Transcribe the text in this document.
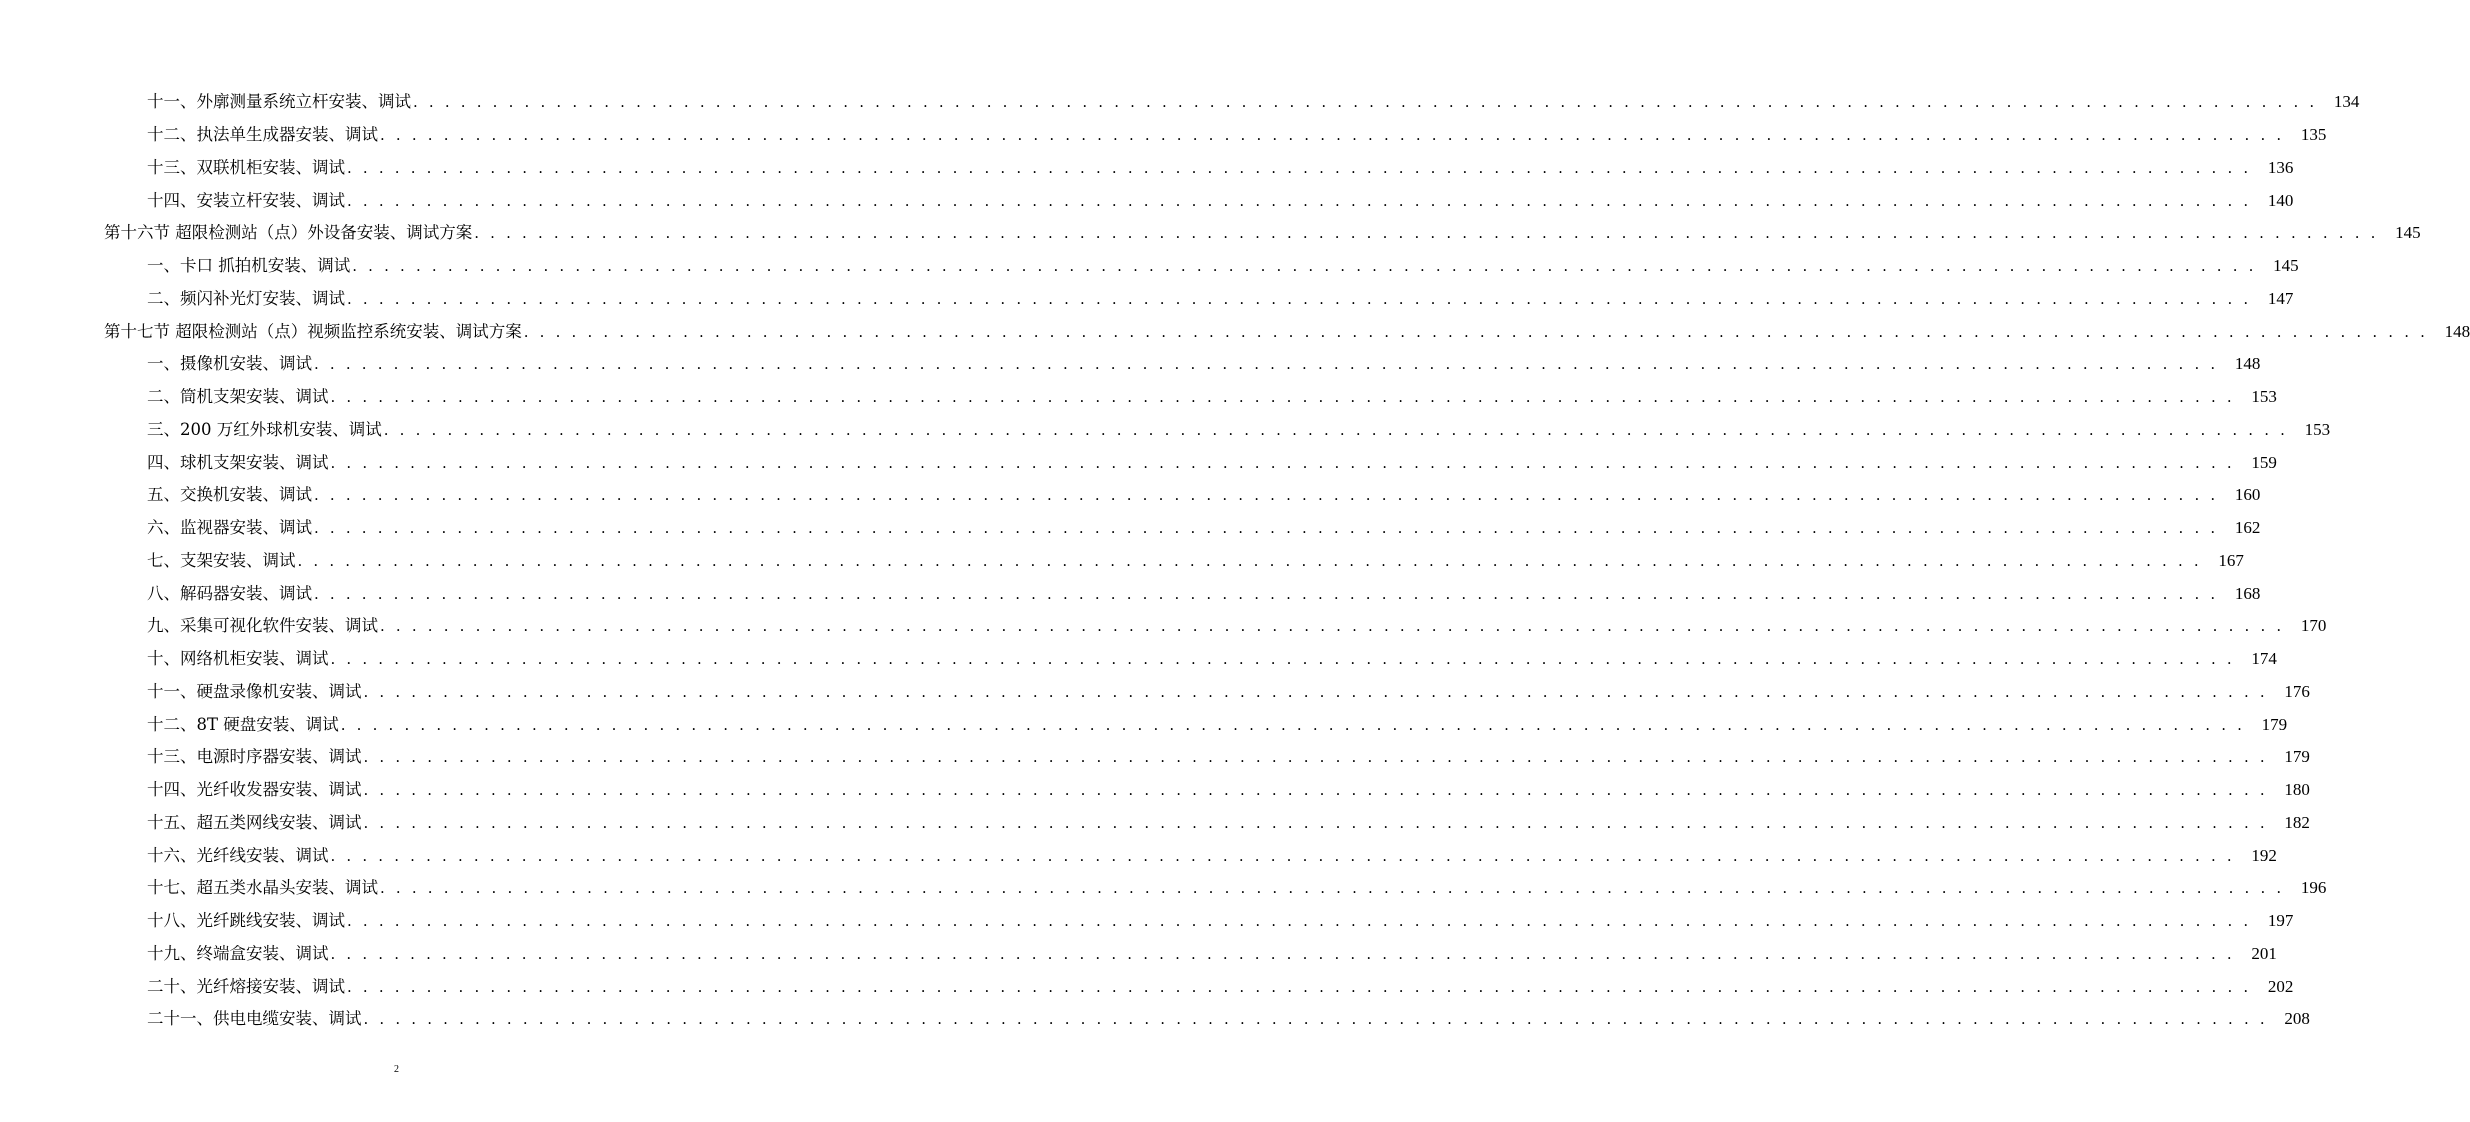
十一、外廓测量系统立杆安装、调试 . . . . . . . . . . . . . . . . . . . . . . . . . . . . . . . . . . . . . . . . . . . . . . . . . . . . . . . . . . . . . . . . . . . . . . . . . . . . . . . . . . . . . . . . . . . . . . . . . . . . . . . . . . . . . . . . . . . . . . . . 134
十二、执法单生成器安装、调试 . . . . . . . . . . . . . . . . . . . . . . . . . . . . . . . . . . . . . . . . . . . . . . . . . . . . . . . . . . . . . . . . . . . . . . . . . . . . . . . . . . . . . . . . . . . . . . . . . . . . . . . . . . . . . . . . . . . . . . . . 135
十三、双联机柜安装、调试 . . . . . . . . . . . . . . . . . . . . . . . . . . . . . . . . . . . . . . . . . . . . . . . . . . . . . . . . . . . . . . . . . . . . . . . . . . . . . . . . . . . . . . . . . . . . . . . . . . . . . . . . . . . . . . . . . . . . . . . . 136
十四、安装立杆安装、调试 . . . . . . . . . . . . . . . . . . . . . . . . . . . . . . . . . . . . . . . . . . . . . . . . . . . . . . . . . . . . . . . . . . . . . . . . . . . . . . . . . . . . . . . . . . . . . . . . . . . . . . . . . . . . . . . . . . . . . . . . 140
第十六节 超限检测站（点）外设备安装、调试方案 . . . . . . . . . . . . . . . . . . . . . . . . . . . . . . . . . . . . . . . . . . . . . . . . . . . . . . . . . . . . . . . . . . . . . . . . . . . . . . . . . . . . . . . . . . . . . . . . . . . . . . . . . . . . . . . . . . . . . . . . 145
一、卡口 抓拍机安装、调试 . . . . . . . . . . . . . . . . . . . . . . . . . . . . . . . . . . . . . . . . . . . . . . . . . . . . . . . . . . . . . . . . . . . . . . . . . . . . . . . . . . . . . . . . . . . . . . . . . . . . . . . . . . . . . . . . . . . . . . . . 145
二、频闪补光灯安装、调试 . . . . . . . . . . . . . . . . . . . . . . . . . . . . . . . . . . . . . . . . . . . . . . . . . . . . . . . . . . . . . . . . . . . . . . . . . . . . . . . . . . . . . . . . . . . . . . . . . . . . . . . . . . . . . . . . . . . . . . . . 147
第十七节 超限检测站（点）视频监控系统安装、调试方案 . . . . . . . . . . . . . . . . . . . . . . . . . . . . . . . . . . . . . . . . . . . . . . . . . . . . . . . . . . . . . . . . . . . . . . . . . . . . . . . . . . . . . . . . . . . . . . . . . . . . . . . . . . . . . . . . . . . . . . . . 148
一、摄像机安装、调试 . . . . . . . . . . . . . . . . . . . . . . . . . . . . . . . . . . . . . . . . . . . . . . . . . . . . . . . . . . . . . . . . . . . . . . . . . . . . . . . . . . . . . . . . . . . . . . . . . . . . . . . . . . . . . . . . . . . . . . . . 148
二、筒机支架安装、调试 . . . . . . . . . . . . . . . . . . . . . . . . . . . . . . . . . . . . . . . . . . . . . . . . . . . . . . . . . . . . . . . . . . . . . . . . . . . . . . . . . . . . . . . . . . . . . . . . . . . . . . . . . . . . . . . . . . . . . . . . 153
三、200 万红外球机安装、调试 . . . . . . . . . . . . . . . . . . . . . . . . . . . . . . . . . . . . . . . . . . . . . . . . . . . . . . . . . . . . . . . . . . . . . . . . . . . . . . . . . . . . . . . . . . . . . . . . . . . . . . . . . . . . . . . . . . . . . . . . 153
四、球机支架安装、调试 . . . . . . . . . . . . . . . . . . . . . . . . . . . . . . . . . . . . . . . . . . . . . . . . . . . . . . . . . . . . . . . . . . . . . . . . . . . . . . . . . . . . . . . . . . . . . . . . . . . . . . . . . . . . . . . . . . . . . . . . 159
五、交换机安装、调试 . . . . . . . . . . . . . . . . . . . . . . . . . . . . . . . . . . . . . . . . . . . . . . . . . . . . . . . . . . . . . . . . . . . . . . . . . . . . . . . . . . . . . . . . . . . . . . . . . . . . . . . . . . . . . . . . . . . . . . . . 160
六、监视器安装、调试 . . . . . . . . . . . . . . . . . . . . . . . . . . . . . . . . . . . . . . . . . . . . . . . . . . . . . . . . . . . . . . . . . . . . . . . . . . . . . . . . . . . . . . . . . . . . . . . . . . . . . . . . . . . . . . . . . . . . . . . . 162
七、支架安装、调试 . . . . . . . . . . . . . . . . . . . . . . . . . . . . . . . . . . . . . . . . . . . . . . . . . . . . . . . . . . . . . . . . . . . . . . . . . . . . . . . . . . . . . . . . . . . . . . . . . . . . . . . . . . . . . . . . . . . . . . . . 167
八、解码器安装、调试 . . . . . . . . . . . . . . . . . . . . . . . . . . . . . . . . . . . . . . . . . . . . . . . . . . . . . . . . . . . . . . . . . . . . . . . . . . . . . . . . . . . . . . . . . . . . . . . . . . . . . . . . . . . . . . . . . . . . . . . . 168
九、采集可视化软件安装、调试 . . . . . . . . . . . . . . . . . . . . . . . . . . . . . . . . . . . . . . . . . . . . . . . . . . . . . . . . . . . . . . . . . . . . . . . . . . . . . . . . . . . . . . . . . . . . . . . . . . . . . . . . . . . . . . . . . . . . . . . . 170
十、网络机柜安装、调试 . . . . . . . . . . . . . . . . . . . . . . . . . . . . . . . . . . . . . . . . . . . . . . . . . . . . . . . . . . . . . . . . . . . . . . . . . . . . . . . . . . . . . . . . . . . . . . . . . . . . . . . . . . . . . . . . . . . . . . . . 174
十一、硬盘录像机安装、调试 . . . . . . . . . . . . . . . . . . . . . . . . . . . . . . . . . . . . . . . . . . . . . . . . . . . . . . . . . . . . . . . . . . . . . . . . . . . . . . . . . . . . . . . . . . . . . . . . . . . . . . . . . . . . . . . . . . . . . . . . 176
十二、8T 硬盘安装、调试 . . . . . . . . . . . . . . . . . . . . . . . . . . . . . . . . . . . . . . . . . . . . . . . . . . . . . . . . . . . . . . . . . . . . . . . . . . . . . . . . . . . . . . . . . . . . . . . . . . . . . . . . . . . . . . . . . . . . . . . . 179
十三、电源时序器安装、调试 . . . . . . . . . . . . . . . . . . . . . . . . . . . . . . . . . . . . . . . . . . . . . . . . . . . . . . . . . . . . . . . . . . . . . . . . . . . . . . . . . . . . . . . . . . . . . . . . . . . . . . . . . . . . . . . . . . . . . . . . 179
十四、光纤收发器安装、调试 . . . . . . . . . . . . . . . . . . . . . . . . . . . . . . . . . . . . . . . . . . . . . . . . . . . . . . . . . . . . . . . . . . . . . . . . . . . . . . . . . . . . . . . . . . . . . . . . . . . . . . . . . . . . . . . . . . . . . . . . 180
十五、超五类网线安装、调试 . . . . . . . . . . . . . . . . . . . . . . . . . . . . . . . . . . . . . . . . . . . . . . . . . . . . . . . . . . . . . . . . . . . . . . . . . . . . . . . . . . . . . . . . . . . . . . . . . . . . . . . . . . . . . . . . . . . . . . . . 182
十六、光纤线安装、调试 . . . . . . . . . . . . . . . . . . . . . . . . . . . . . . . . . . . . . . . . . . . . . . . . . . . . . . . . . . . . . . . . . . . . . . . . . . . . . . . . . . . . . . . . . . . . . . . . . . . . . . . . . . . . . . . . . . . . . . . . 192
十七、超五类水晶头安装、调试 . . . . . . . . . . . . . . . . . . . . . . . . . . . . . . . . . . . . . . . . . . . . . . . . . . . . . . . . . . . . . . . . . . . . . . . . . . . . . . . . . . . . . . . . . . . . . . . . . . . . . . . . . . . . . . . . . . . . . . . . 196
十八、光纤跳线安装、调试 . . . . . . . . . . . . . . . . . . . . . . . . . . . . . . . . . . . . . . . . . . . . . . . . . . . . . . . . . . . . . . . . . . . . . . . . . . . . . . . . . . . . . . . . . . . . . . . . . . . . . . . . . . . . . . . . . . . . . . . . 197
十九、终端盒安装、调试 . . . . . . . . . . . . . . . . . . . . . . . . . . . . . . . . . . . . . . . . . . . . . . . . . . . . . . . . . . . . . . . . . . . . . . . . . . . . . . . . . . . . . . . . . . . . . . . . . . . . . . . . . . . . . . . . . . . . . . . . 201
二十、光纤熔接安装、调试 . . . . . . . . . . . . . . . . . . . . . . . . . . . . . . . . . . . . . . . . . . . . . . . . . . . . . . . . . . . . . . . . . . . . . . . . . . . . . . . . . . . . . . . . . . . . . . . . . . . . . . . . . . . . . . . . . . . . . . . . 202
二十一、供电电缆安装、调试 . . . . . . . . . . . . . . . . . . . . . . . . . . . . . . . . . . . . . . . . . . . . . . . . . . . . . . . . . . . . . . . . . . . . . . . . . . . . . . . . . . . . . . . . . . . . . . . . . . . . . . . . . . . . . . . . . . . . . . . . 208
2
